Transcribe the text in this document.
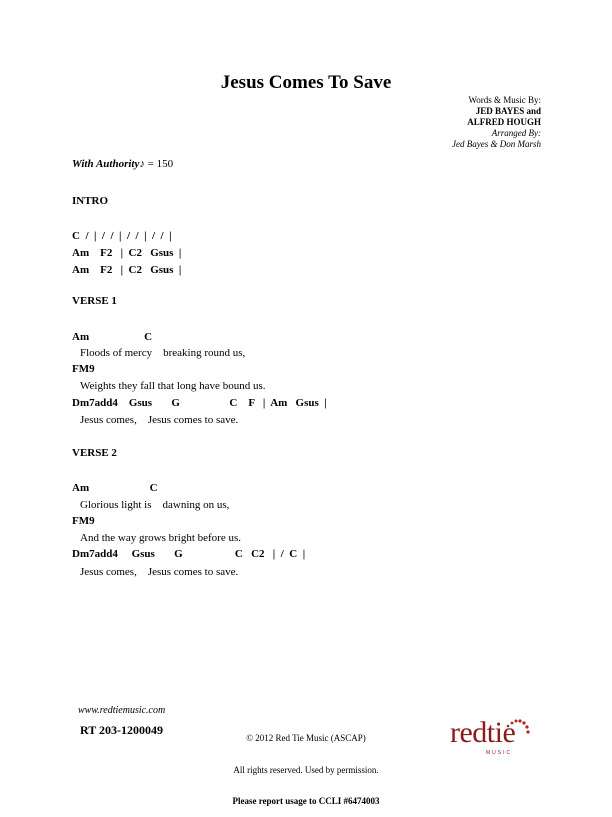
Jesus Comes To Save
Words & Music By:
JED BAYES and
ALFRED HOUGH
Arranged By:
Jed Bayes & Don Marsh
With Authority♪ = 150
INTRO
C  /  |  /  /  |  /  /  |  /  /  |
Am    F2   |  C2   Gsus  |
Am    F2   |  C2   Gsus  |
VERSE 1
Am                    C
Floods of mercy    breaking round us,
FM9
Weights they fall that long have bound us.
Dm7add4    Gsus       G                  C    F   |  Am   Gsus  |
Jesus comes,    Jesus comes to save.
VERSE 2
Am                      C
Glorious light is    dawning on us,
FM9
And the way grows bright before us.
Dm7add4     Gsus       G                   C   C2   |  /  C  |
Jesus comes,    Jesus comes to save.
www.redtiemusic.com
RT 203-1200049

© 2012 Red Tie Music (ASCAP)

All rights reserved. Used by permission.

Please report usage to CCLI #6474003

redtie

MUSIC
